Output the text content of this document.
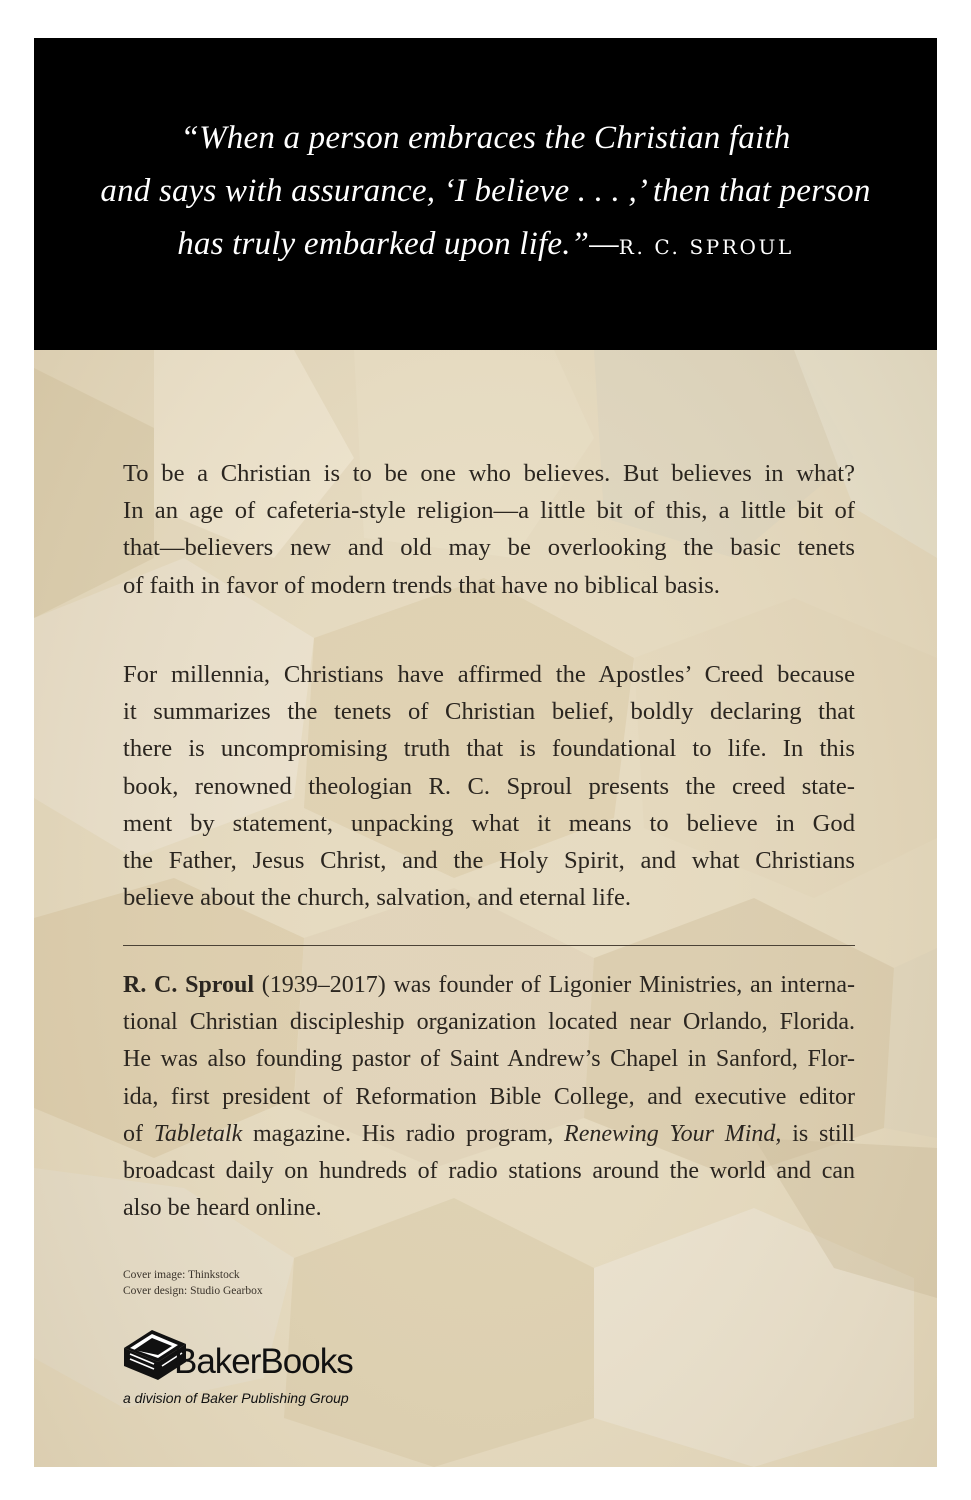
“When a person embraces the Christian faith
and says with assurance, ‘I believe . . . ,’ then that person
has truly embarked upon life.”—R. C. SPROUL
To be a Christian is to be one who believes. But believes in what?
In an age of cafeteria-style religion—a little bit of this, a little bit of
that—believers new and old may be overlooking the basic tenets
of faith in favor of modern trends that have no biblical basis.
For millennia, Christians have affirmed the Apostles’ Creed because
it summarizes the tenets of Christian belief, boldly declaring that
there is uncompromising truth that is foundational to life. In this
book, renowned theologian R. C. Sproul presents the creed state-
ment by statement, unpacking what it means to believe in God
the Father, Jesus Christ, and the Holy Spirit, and what Christians
believe about the church, salvation, and eternal life.
R. C. Sproul (1939–2017) was founder of Ligonier Ministries, an interna-
tional Christian discipleship organization located near Orlando, Florida.
He was also founding pastor of Saint Andrew’s Chapel in Sanford, Flor-
ida, first president of Reformation Bible College, and executive editor
of Tabletalk magazine. His radio program, Renewing Your Mind, is still
broadcast daily on hundreds of radio stations around the world and can
also be heard online.
Cover image: Thinkstock
Cover design: Studio Gearbox
BakerBooks
a division of Baker Publishing Group
